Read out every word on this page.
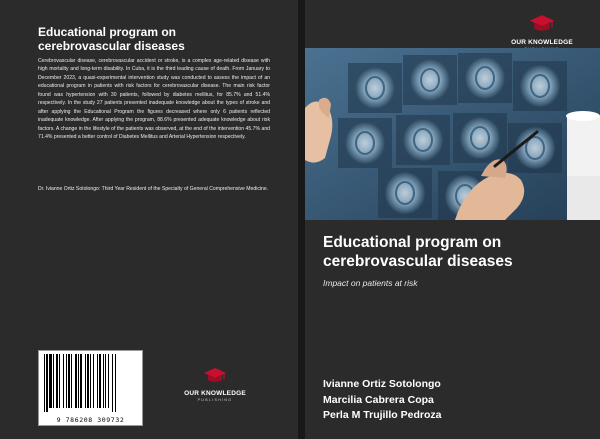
Educational program on cerebrovascular diseases
Cerebrovascular disease, cerebrovascular accident or stroke, is a complex age-related disease with high mortality and long-term disability. In Cuba, it is the third leading cause of death. From January to December 2023, a quasi-experimental intervention study was conducted to assess the impact of an educational program in patients with risk factors for cerebrovascular disease. The main risk factor found was hypertension with 30 patients, followed by diabetes mellitus, for 85.7% and 51.4% respectively. In the study 27 patients presented inadequate knowledge about the types of stroke and after applying the Educational Program the figures decreased where only 6 patients reflected inadequate knowledge. After applying the program, 88.6% presented adequate knowledge about risk factors. A change in the lifestyle of the patients was observed, at the end of the intervention 45.7% and 71.4% presented a better control of Diabetes Mellitus and Arterial Hypertension respectively.
Dr. Ivianne Ortiz Sotolongo: Third Year Resident of the Specialty of General Comprehensive Medicine.
9 786208 309732
OUR KNOWLEDGE
PUBLISHING
OUR KNOWLEDGE
Educational program on cerebrovascular diseases
Impact on patients at risk
Ivianne Ortiz Sotolongo
Marcilia Cabrera Copa
Perla M Trujillo Pedroza
